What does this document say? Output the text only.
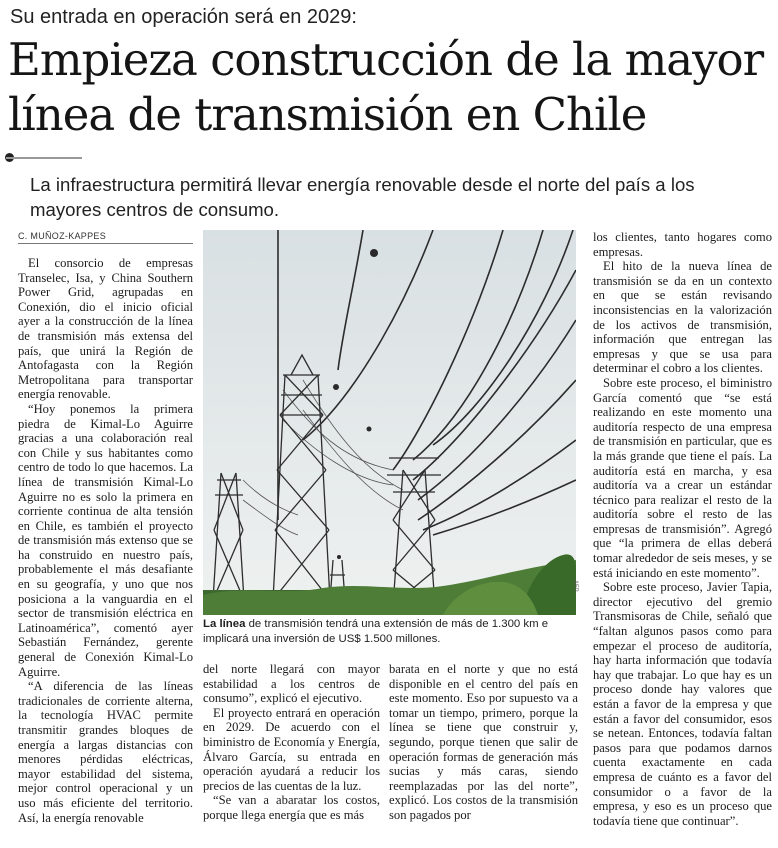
Su entrada en operación será en 2029:
Empieza construcción de la mayor línea de transmisión en Chile
La infraestructura permitirá llevar energía renovable desde el norte del país a los mayores centros de consumo.
C. MUÑOZ-KAPPES

El consorcio de empresas Transelec, Isa, y China Southern Power Grid, agrupadas en Conexión, dio el inicio oficial ayer a la construcción de la línea de transmisión más extensa del país, que unirá la Región de Antofagasta con la Región Metropolitana para transportar energía renovable.

“Hoy ponemos la primera piedra de Kimal-Lo Aguirre gracias a una colaboración real con Chile y sus habitantes como centro de todo lo que hacemos. La línea de transmisión Kimal-Lo Aguirre no es solo la primera en corriente continua de alta tensión en Chile, es también el proyecto de transmisión más extenso que se ha construido en nuestro país, probablemente el más desafiante en su geografía, y uno que nos posiciona a la vanguardia en el sector de transmisión eléctrica en Latinoamérica”, comentó ayer Sebastián Fernández, gerente general de Conexión Kimal-Lo Aguirre.

“A diferencia de las líneas tradicionales de corriente alterna, la tecnología HVAC permite transmitir grandes bloques de energía a largas distancias con menores pérdidas eléctricas, mayor estabilidad del sistema, mejor control operacional y un uso más eficiente del territorio. Así, la energía renovable

La línea de transmisión tendrá una extensión de más de 1.300 km e implicará una inversión de US$ 1.500 millones.
AFP

del norte llegará con mayor estabilidad a los centros de consumo”, explicó el ejecutivo.

El proyecto entrará en operación en 2029. De acuerdo con el biministro de Economía y Energía, Álvaro García, su entrada en operación ayudará a reducir los precios de las cuentas de la luz.

“Se van a abaratar los costos, porque llega energía que es más

barata en el norte y que no está disponible en el centro del país en este momento. Eso por supuesto va a tomar un tiempo, primero, porque la línea se tiene que construir y, segundo, porque tienen que salir de operación formas de generación más sucias y más caras, siendo reemplazadas por las del norte”, explicó. Los costos de la transmisión son pagados por

los clientes, tanto hogares como empresas.

El hito de la nueva línea de transmisión se da en un contexto en que se están revisando inconsistencias en la valorización de los activos de transmisión, información que entregan las empresas y que se usa para determinar el cobro a los clientes.

Sobre este proceso, el biministro García comentó que “se está realizando en este momento una auditoría respecto de una empresa de transmisión en particular, que es la más grande que tiene el país. La auditoría está en marcha, y esa auditoría va a crear un estándar técnico para realizar el resto de la auditoría sobre el resto de las empresas de transmisión”. Agregó que “la primera de ellas deberá tomar alrededor de seis meses, y se está iniciando en este momento”.

Sobre este proceso, Javier Tapia, director ejecutivo del gremio Transmisoras de Chile, señaló que “faltan algunos pasos como para empezar el proceso de auditoría, hay harta información que todavía hay que trabajar. Lo que hay es un proceso donde hay valores que están a favor de la empresa y que están a favor del consumidor, esos se netean. Entonces, todavía faltan pasos para que podamos darnos cuenta exactamente en cada empresa de cuánto es a favor del consumidor o a favor de la empresa, y eso es un proceso que todavía tiene que continuar”.
